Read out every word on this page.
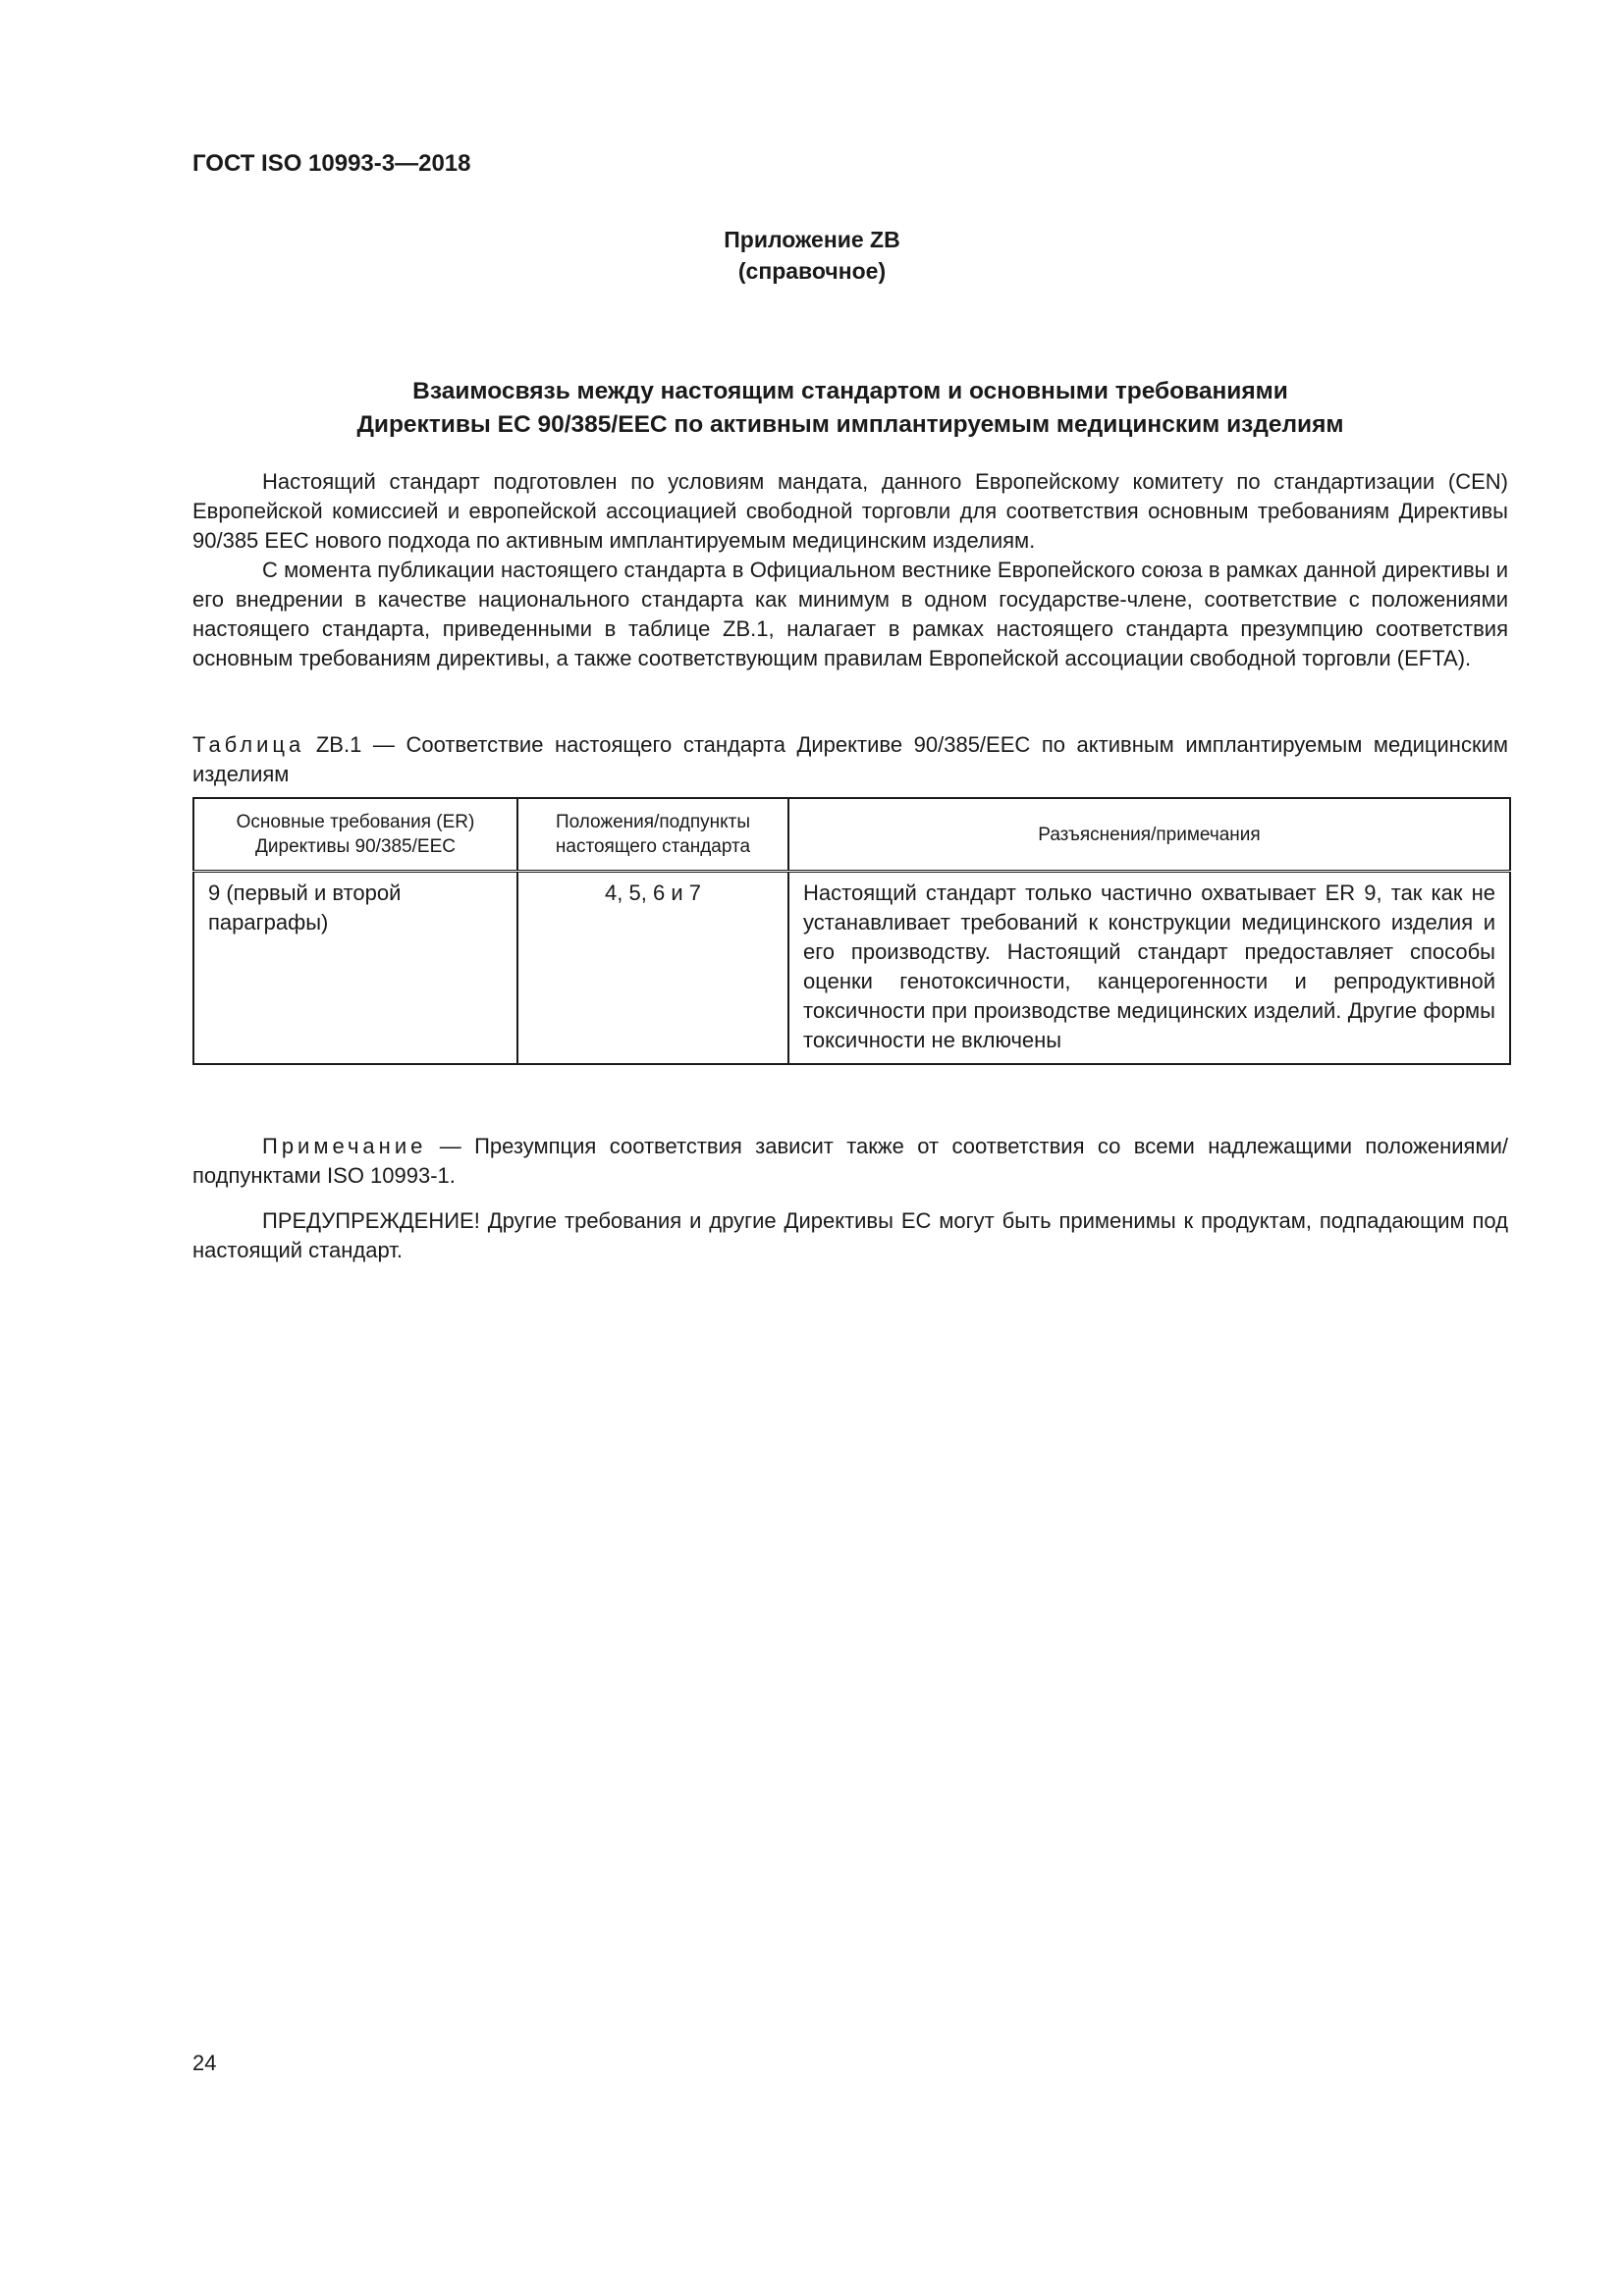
ГОСТ ISO 10993-3—2018
Приложение ZB
(справочное)
Взаимосвязь между настоящим стандартом и основными требованиями
Директивы ЕС 90/385/ЕЕС по активным имплантируемым медицинским изделиям

Настоящий стандарт подготовлен по условиям мандата, данного Европейскому комитету по стандартизации (CEN) Европейской комиссией и европейской ассоциацией свободной торговли для соответствия основным требованиям Директивы 90/385 ЕЕС нового подхода по активным имплантируемым медицинским изделиям.

С момента публикации настоящего стандарта в Официальном вестнике Европейского союза в рамках данной директивы и его внедрении в качестве национального стандарта как минимум в одном государстве-члене, соответствие с положениями настоящего стандарта, приведенными в таблице ZB.1, налагает в рамках настоящего стандарта презумпцию соответствия основным требованиям директивы, а также соответствующим правилам Европейской ассоциации свободной торговли (EFTA).

Таблица ZB.1 — Соответствие настоящего стандарта Директиве 90/385/ЕЕС по активным имплантируемым медицинским изделиям
Основные требования (ER) Директивы 90/385/ЕЕС	Положения/подпункты настоящего стандарта	Разъяснения/примечания
9 (первый и второй параграфы)	4, 5, 6 и 7	Настоящий стандарт только частично охватывает ER 9, так как не устанавливает требований к конструкции медицинского изделия и его производству. Настоящий стандарт предоставляет способы оценки генотоксичности, канцерогенности и репродуктивной токсичности при производстве медицинских изделий. Другие формы токсичности не включены

Примечание — Презумпция соответствия зависит также от соответствия со всеми надлежащими положениями/подпунктами ISO 10993-1.

ПРЕДУПРЕЖДЕНИЕ! Другие требования и другие Директивы ЕС могут быть применимы к продуктам, подпадающим под настоящий стандарт.

24
